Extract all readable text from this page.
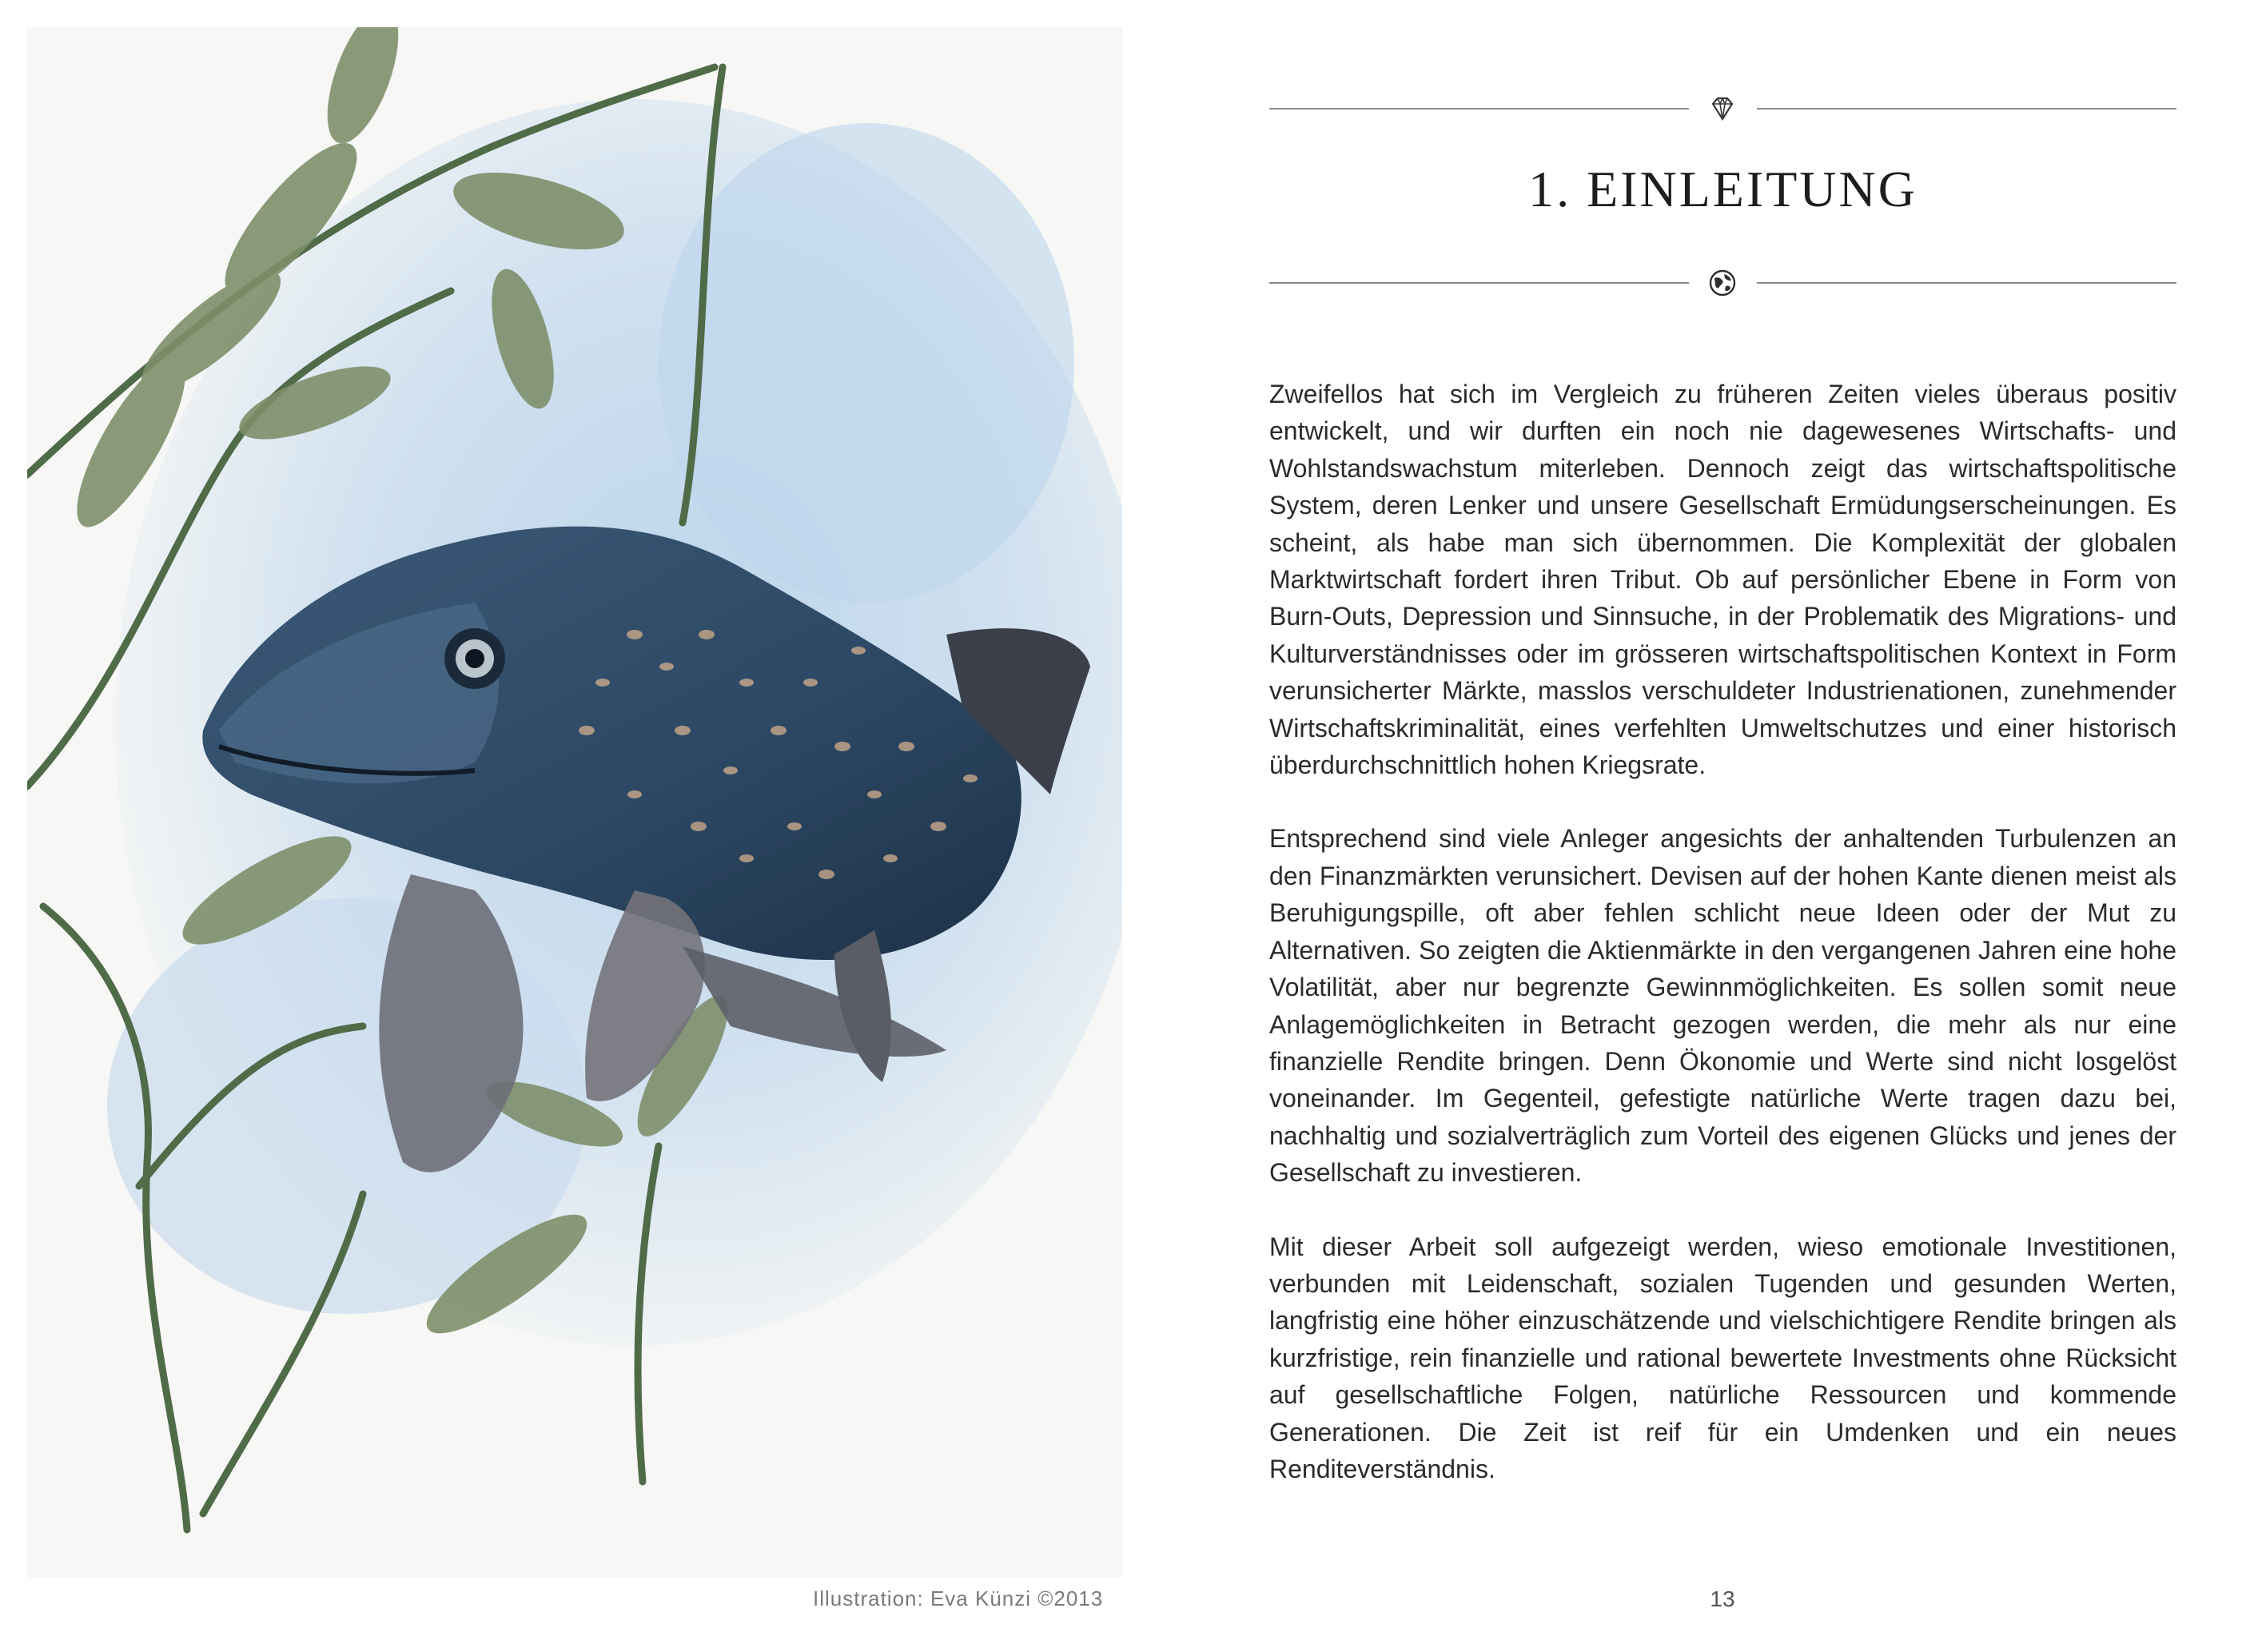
Illustration: Eva Künzi ©2013
1. EINLEITUNG

Zweifellos hat sich im Vergleich zu früheren Zeiten vieles überaus positiv entwickelt, und wir durften ein noch nie dagewesenes Wirtschafts- und Wohlstandswachstum miterleben. Dennoch zeigt das wirtschaftspolitische System, deren Lenker und unsere Gesellschaft Ermüdungserscheinungen. Es scheint, als habe man sich übernommen. Die Komplexität der globalen Marktwirtschaft fordert ihren Tribut. Ob auf persönlicher Ebene in Form von Burn-Outs, Depression und Sinnsuche, in der Problematik des Migrations- und Kulturverständnisses oder im grösseren wirtschaftspolitischen Kontext in Form verunsicherter Märkte, masslos verschuldeter Industrienationen, zunehmender Wirtschaftskriminalität, eines verfehlten Umweltschutzes und einer historisch überdurchschnittlich hohen Kriegsrate.

Entsprechend sind viele Anleger angesichts der anhaltenden Turbulenzen an den Finanzmärkten verunsichert. Devisen auf der hohen Kante dienen meist als Beruhigungspille, oft aber fehlen schlicht neue Ideen oder der Mut zu Alternativen. So zeigten die Aktienmärkte in den vergangenen Jahren eine hohe Volatilität, aber nur begrenzte Gewinnmöglichkeiten. Es sollen somit neue Anlagemöglichkeiten in Betracht gezogen werden, die mehr als nur eine finanzielle Rendite bringen. Denn Ökonomie und Werte sind nicht losgelöst voneinander. Im Gegenteil, gefestigte natürliche Werte tragen dazu bei, nachhaltig und sozialverträglich zum Vorteil des eigenen Glücks und jenes der Gesellschaft zu investieren.

Mit dieser Arbeit soll aufgezeigt werden, wieso emotionale Investitionen, verbunden mit Leidenschaft, sozialen Tugenden und gesunden Werten, langfristig eine höher einzuschätzende und vielschichtigere Rendite bringen als kurzfristige, rein finanzielle und rational bewertete Investments ohne Rücksicht auf gesellschaftliche Folgen, natürliche Ressourcen und kommende Generationen. Die Zeit ist reif für ein Umdenken und ein neues Renditeverständnis.

13
